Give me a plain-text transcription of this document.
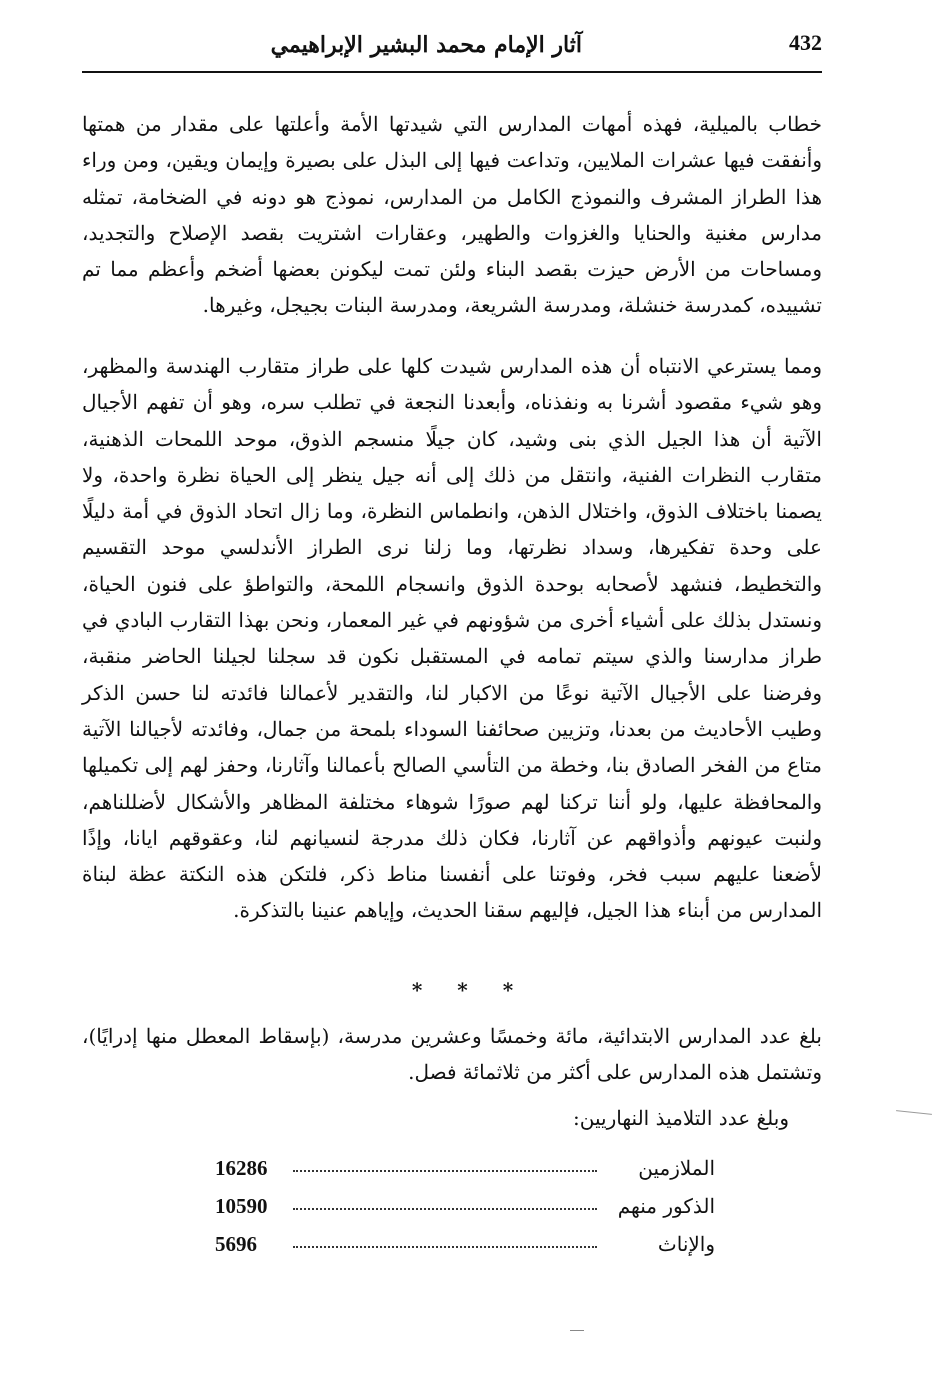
432
آثار الإمام محمد البشير الإبراهيمي
خطاب بالميلية، فهذه أمهات المدارس التي شيدتها الأمة وأعلتها على مقدار من همتها وأنفقت فيها عشرات الملايين، وتداعت فيها إلى البذل على بصيرة وإيمان ويقين، ومن وراء هذا الطراز المشرف والنموذج الكامل من المدارس، نموذج هو دونه في الضخامة، تمثله مدارس مغنية والحنايا والغزوات والطهير، وعقارات اشتريت بقصد الإصلاح والتجديد، ومساحات من الأرض حيزت بقصد البناء ولئن تمت ليكونن بعضها أضخم وأعظم مما تم تشييده، كمدرسة خنشلة، ومدرسة الشريعة، ومدرسة البنات بجيجل، وغيرها.
ومما يسترعي الانتباه أن هذه المدارس شيدت كلها على طراز متقارب الهندسة والمظهر، وهو شيء مقصود أشرنا به ونفذناه، وأبعدنا النجعة في تطلب سره، وهو أن تفهم الأجيال الآتية أن هذا الجيل الذي بنى وشيد، كان جيلًا منسجم الذوق، موحد اللمحات الذهنية، متقارب النظرات الفنية، وانتقل من ذلك إلى أنه جيل ينظر إلى الحياة نظرة واحدة، ولا يصمنا باختلاف الذوق، واختلال الذهن، وانطماس النظرة، وما زال اتحاد الذوق في أمة دليلًا على وحدة تفكيرها، وسداد نظرتها، وما زلنا نرى الطراز الأندلسي موحد التقسيم والتخطيط، فنشهد لأصحابه بوحدة الذوق وانسجام اللمحة، والتواطؤ على فنون الحياة، ونستدل بذلك على أشياء أخرى من شؤونهم في غير المعمار، ونحن بهذا التقارب البادي في طراز مدارسنا والذي سيتم تمامه في المستقبل نكون قد سجلنا لجيلنا الحاضر منقبة، وفرضنا على الأجيال الآتية نوعًا من الاكبار لنا، والتقدير لأعمالنا فائدته لنا حسن الذكر وطيب الأحاديث من بعدنا، وتزيين صحائفنا السوداء بلمحة من جمال، وفائدته لأجيالنا الآتية متاع من الفخر الصادق بنا، وخطة من التأسي الصالح بأعمالنا وآثارنا، وحفز لهم إلى تكميلها والمحافظة عليها، ولو أننا تركنا لهم صورًا شوهاء مختلفة المظاهر والأشكال لأضللناهم، ولنبت عيونهم وأذواقهم عن آثارنا، فكان ذلك مدرجة لنسيانهم لنا، وعقوقهم ايانا، وإذًا لأضعنا عليهم سبب فخر، وفوتنا على أنفسنا مناط ذكر، فلتكن هذه النكتة عظة لبناة المدارس من أبناء هذا الجيل، فإليهم سقنا الحديث، وإياهم عنينا بالتذكرة.
* * *
بلغ عدد المدارس الابتدائية، مائة وخمسًا وعشرين مدرسة، (بإسقاط المعطل منها إدرايًا)، وتشتمل هذه المدارس على أكثر من ثلاثمائة فصل.
وبلغ عدد التلاميذ النهاريين:
الملازمين
16286
الذكور منهم
10590
والإناث
5696
